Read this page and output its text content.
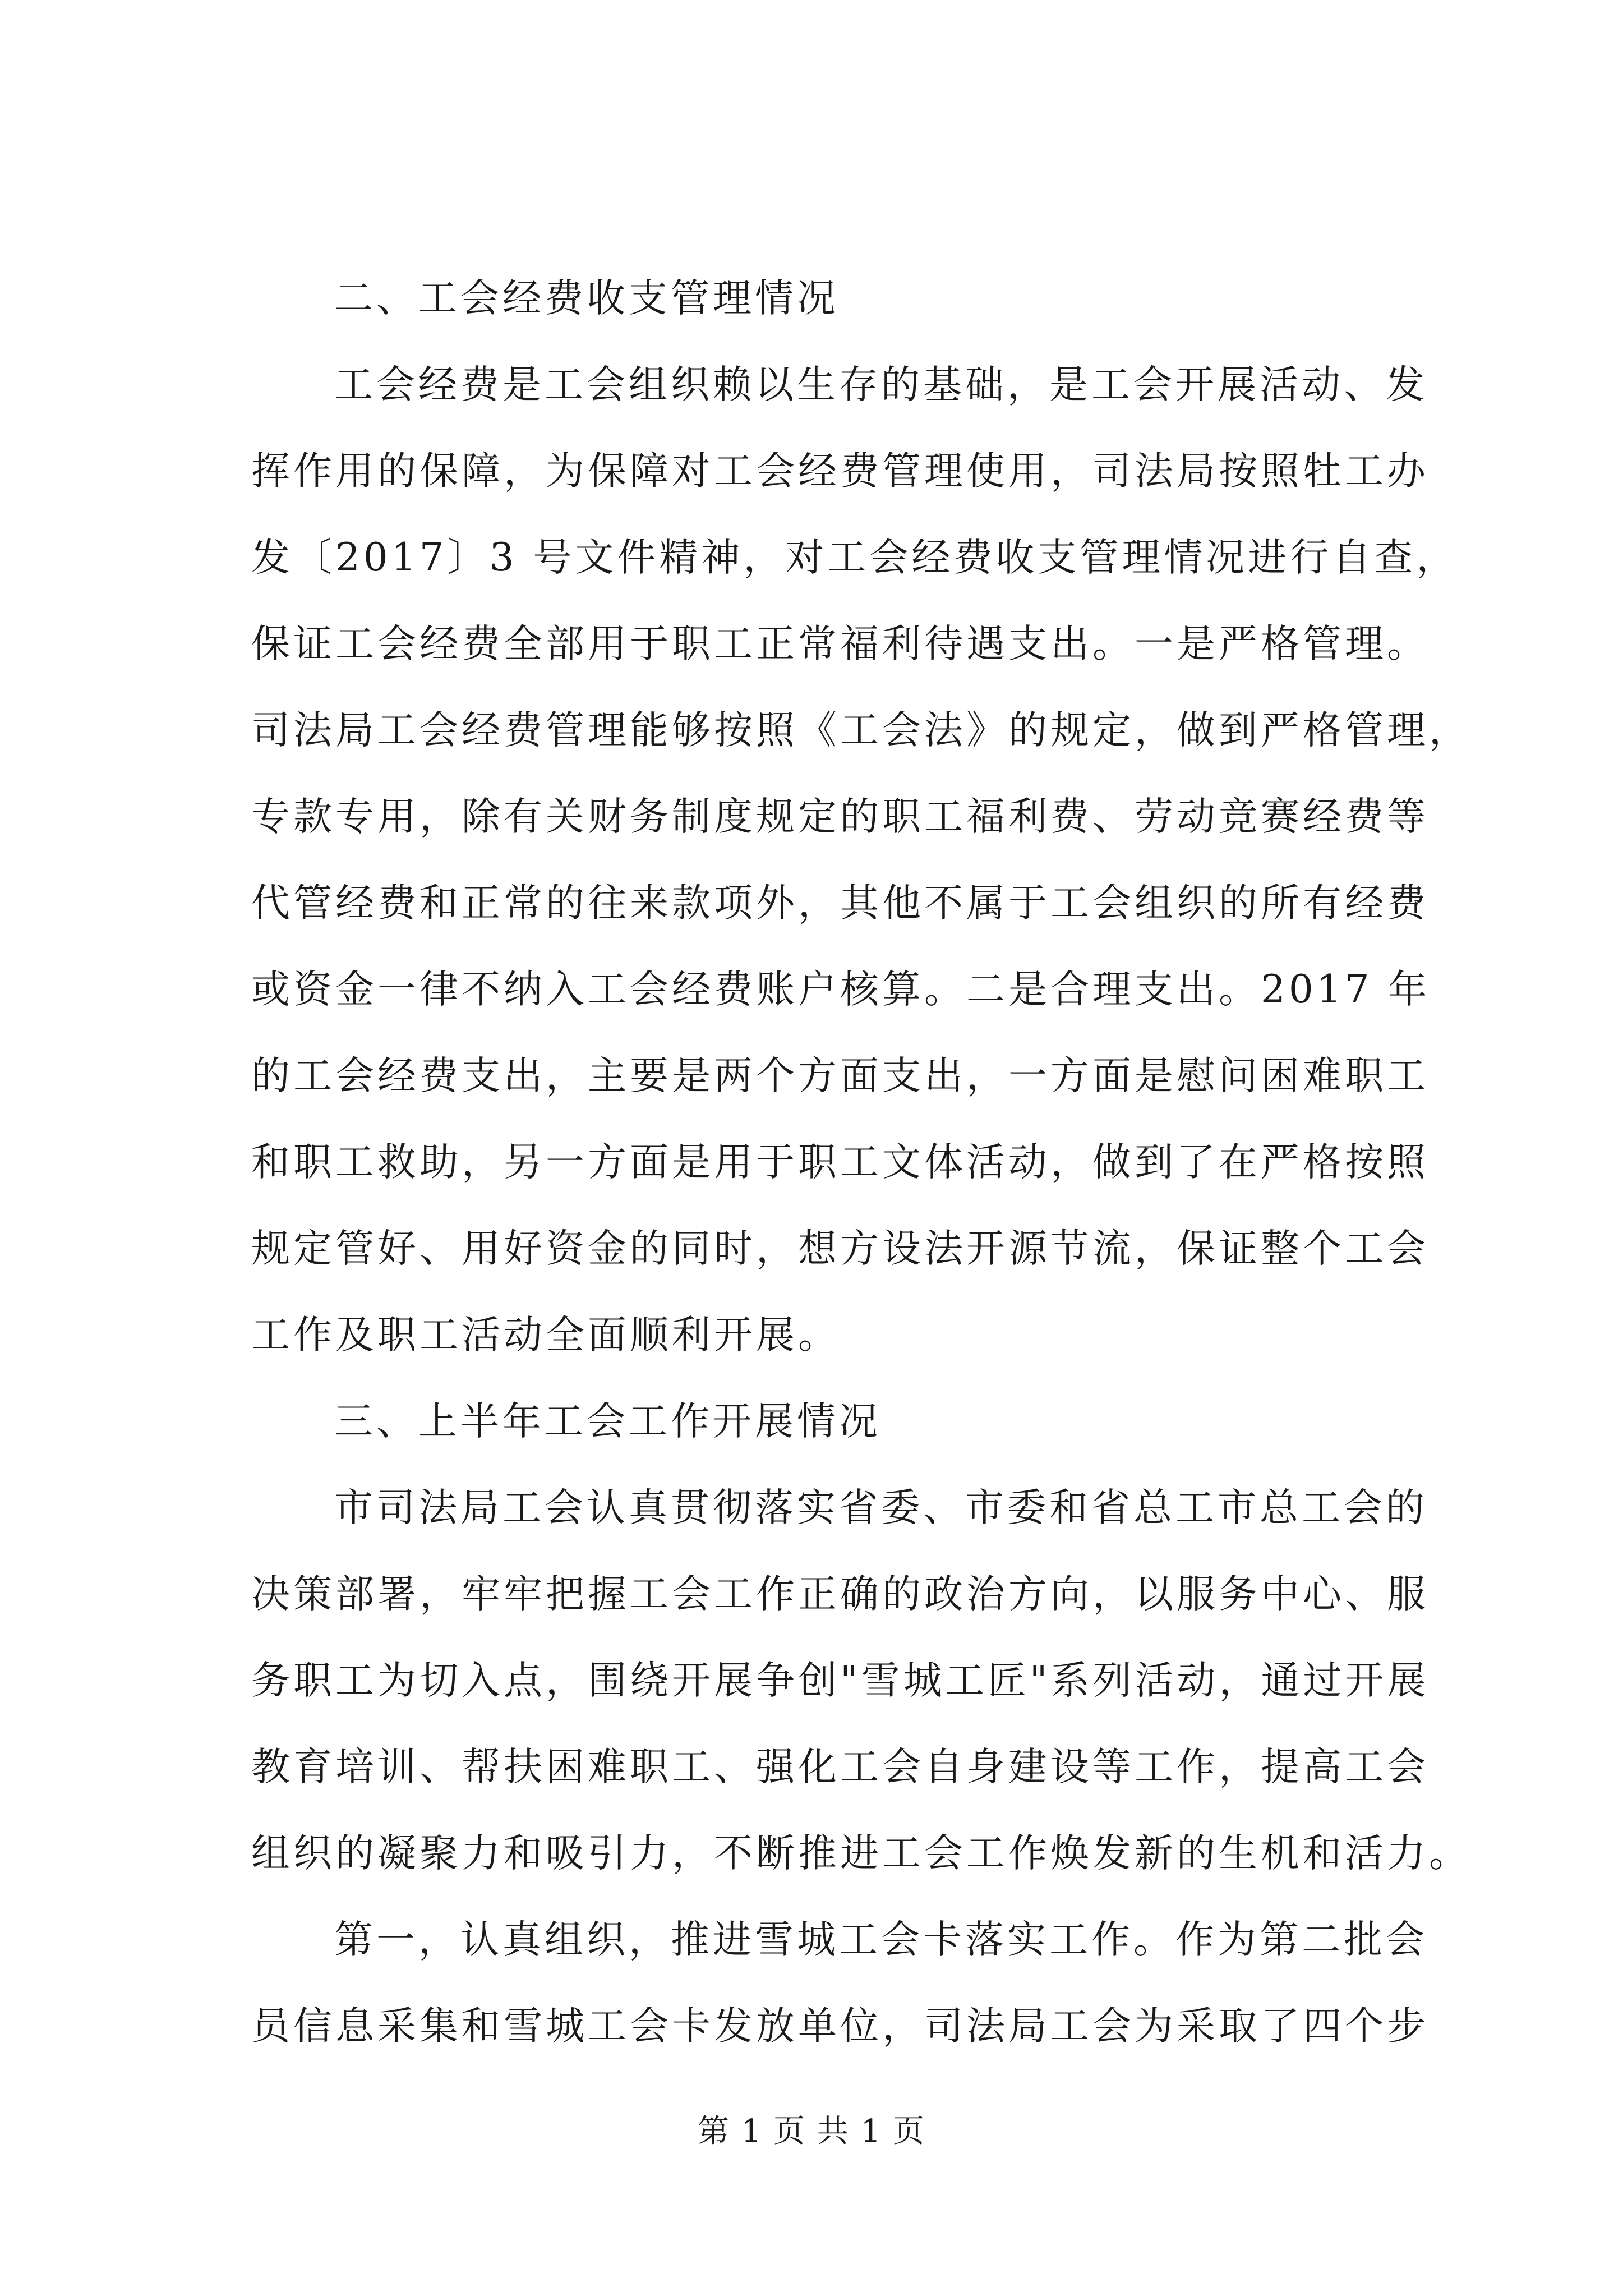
二、工会经费收支管理情况
工会经费是工会组织赖以生存的基础，是工会开展活动、发
挥作用的保障，为保障对工会经费管理使用，司法局按照牡工办
发〔2017〕3 号文件精神，对工会经费收支管理情况进行自查，
保证工会经费全部用于职工正常福利待遇支出。一是严格管理。
司法局工会经费管理能够按照《工会法》的规定，做到严格管理，
专款专用，除有关财务制度规定的职工福利费、劳动竞赛经费等
代管经费和正常的往来款项外，其他不属于工会组织的所有经费
或资金一律不纳入工会经费账户核算。二是合理支出。2017 年
的工会经费支出，主要是两个方面支出，一方面是慰问困难职工
和职工救助，另一方面是用于职工文体活动，做到了在严格按照
规定管好、用好资金的同时，想方设法开源节流，保证整个工会
工作及职工活动全面顺利开展。
三、上半年工会工作开展情况
市司法局工会认真贯彻落实省委、市委和省总工市总工会的
决策部署，牢牢把握工会工作正确的政治方向，以服务中心、服
务职工为切入点，围绕开展争创"雪城工匠"系列活动，通过开展
教育培训、帮扶困难职工、强化工会自身建设等工作，提高工会
组织的凝聚力和吸引力，不断推进工会工作焕发新的生机和活力。
第一，认真组织，推进雪城工会卡落实工作。作为第二批会
员信息采集和雪城工会卡发放单位，司法局工会为采取了四个步
第 1 页 共 1 页
